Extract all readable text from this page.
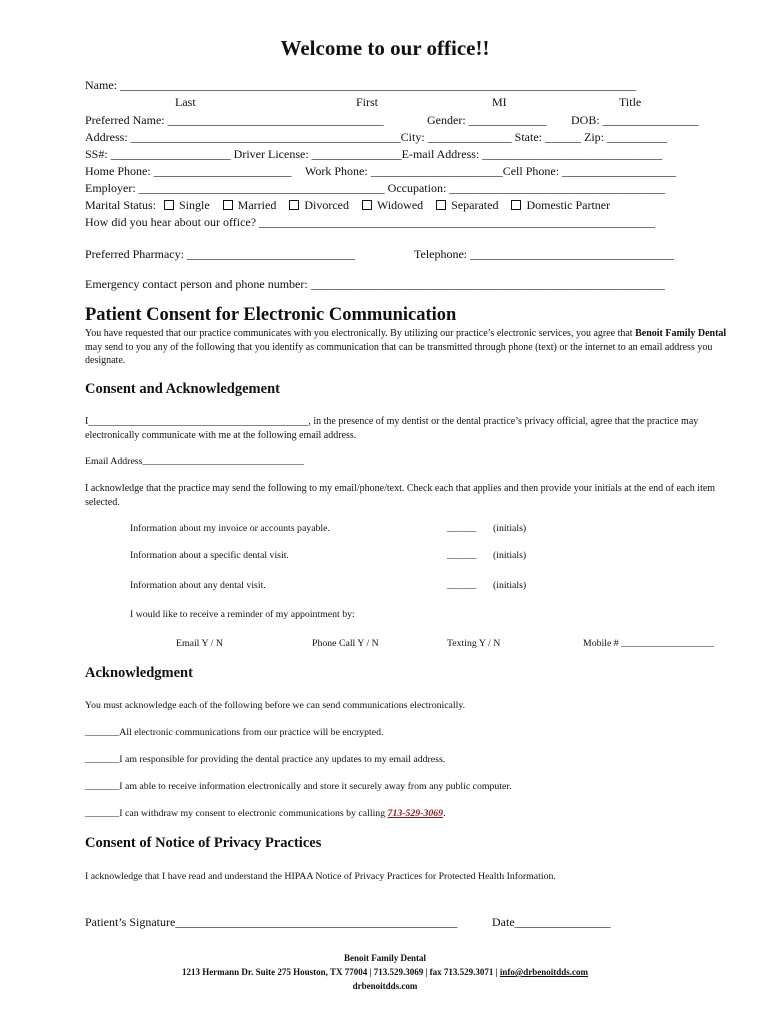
Welcome to our office!!
Name: ______________________________________________________________________________________
Last	First	MI	Title
Preferred Name: ____________________________________	Gender: _____________ DOB: ________________
Address: _____________________________________________City: ______________ State: ______ Zip: __________
SS#: ____________________ Driver License: _______________E-mail Address: ______________________________
Home Phone: _______________________ Work Phone: ______________________Cell Phone: ___________________
Employer: _________________________________________ Occupation: ____________________________________
Marital Status: Single Married Divorced Widowed Separated Domestic Partner
How did you hear about our office? __________________________________________________________________
Preferred Pharmacy: ____________________________	Telephone: __________________________________
Emergency contact person and phone number: ___________________________________________________________
Patient Consent for Electronic Communication
You have requested that our practice communicates with you electronically. By utilizing our practice’s electronic services, you agree that Benoit Family Dental may send to you any of the following that you identify as communication that can be transmitted through phone (text) or the internet to an email address you designate.
Consent and Acknowledgement
I____________________________________________, in the presence of my dentist or the dental practice’s privacy official, agree that the practice may electronically communicate with me at the following email address.
Email Address_________________________________
I acknowledge that the practice may send the following to my email/phone/text. Check each that applies and then provide your initials at the end of each item selected.
Information about my invoice or accounts payable.	______ (initials)
Information about a specific dental visit.	______ (initials)
Information about any dental visit.	______ (initials)
I would like to receive a reminder of my appointment by:
Email Y / N	Phone Call Y / N	Texting Y / N	Mobile # ___________________
Acknowledgment
You must acknowledge each of the following before we can send communications electronically.
_______All electronic communications from our practice will be encrypted.
_______I am responsible for providing the dental practice any updates to my email address.
_______I am able to receive information electronically and store it securely away from any public computer.
_______I can withdraw my consent to electronic communications by calling 713-529-3069.
Consent of Notice of Privacy Practices
I acknowledge that I have read and understand the HIPAA Notice of Privacy Practices for Protected Health Information.
Patient’s Signature_______________________________________________	Date________________
Benoit Family Dental
1213 Hermann Dr. Suite 275 Houston, TX 77004 | 713.529.3069 | fax 713.529.3071 | info@drbenoitdds.com
drbenoitdds.com
